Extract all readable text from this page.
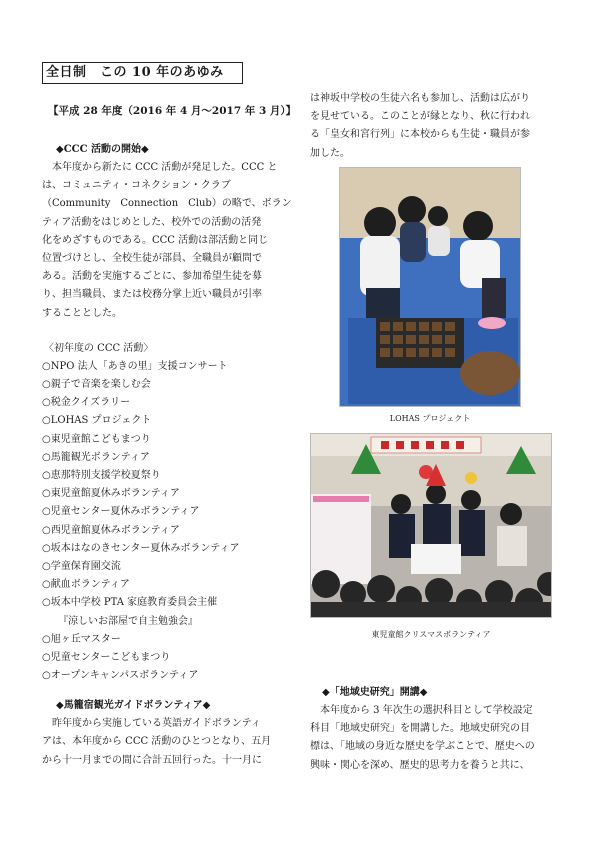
全日制　この 10 年のあゆみ
【平成 28 年度（2016 年 4 月～2017 年 3 月）】
◆CCC 活動の開始◆
　本年度から新たに CCC 活動が発足した。CCC と
は、コミュニティ・コネクション・クラブ
（Community　Connection　Club）の略で、ボラン
ティア活動をはじめとした、校外での活動の活発
化をめざすものである。CCC 活動は部活動と同じ
位置づけとし、全校生徒が部員、全職員が顧問で
ある。活動を実施するごとに、参加希望生徒を募
り、担当職員、または校務分掌上近い職員が引率
することとした。
〈初年度の CCC 活動〉
○NPO 法人「あきの里」支援コンサート
○親子で音楽を楽しむ会
○税金クイズラリー
○LOHAS プロジェクト
○東児童館こどもまつり
○馬籠観光ボランティア
○恵那特別支援学校夏祭り
○東児童館夏休みボランティア
○児童センター夏休みボランティア
○西児童館夏休みボランティア
○坂本はなのきセンター夏休みボランティア
○学童保育園交流
○献血ボランティア
○坂本中学校 PTA 家庭教育委員会主催
『涼しいお部屋で自主勉強会』
○旭ヶ丘マスター
○児童センターこどもまつり
○オープンキャンパスボランティア
◆馬籠宿観光ガイドボランティア◆
　昨年度から実施している英語ガイドボランティ
アは、本年度から CCC 活動のひとつとなり、五月
から十一月までの間に合計五回行った。十一月に
は神坂中学校の生徒六名も参加し、活動は広がり
を見せている。このことが縁となり、秋に行われ
る「皇女和宮行列」に本校からも生徒・職員が参
加した。
LOHAS プロジェクト
東児童館クリスマスボランティア
◆「地域史研究」開講◆
　本年度から 3 年次生の選択科目として学校設定
科目「地域史研究」を開講した。地域史研究の目
標は、「地域の身近な歴史を学ぶことで、歴史への
興味・関心を深め、歴史的思考力を養うと共に、
